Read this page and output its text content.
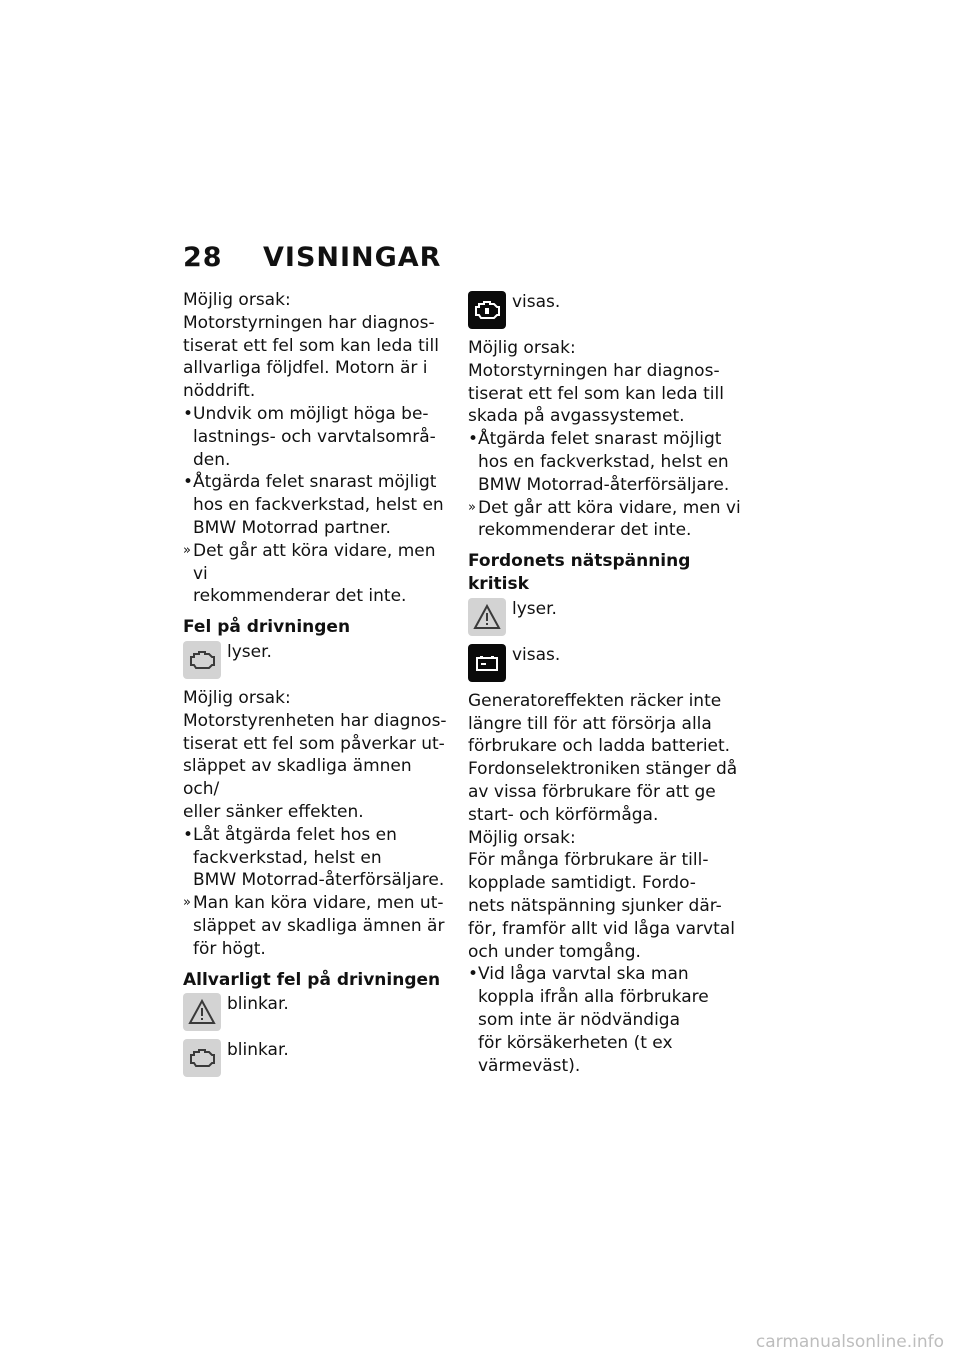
28 VISNINGAR

Möjlig orsak:

Motorstyrningen har diagnos-
tiserat ett fel som kan leda till
allvarliga följdfel. Motorn är i
nöddrift.

• Undvik om möjligt höga be-
lastnings- och varvtalsområ-
den.

• Åtgärda felet snarast möjligt
hos en fackverkstad, helst en
BMW Motorrad partner.

» Det går att köra vidare, men vi
rekommenderar det inte.

Fel på drivningen

lyser.

Möjlig orsak:

Motorstyrenheten har diagnos-
tiserat ett fel som påverkar ut-
släppet av skadliga ämnen och/
eller sänker effekten.

• Låt åtgärda felet hos en
fackverkstad, helst en
BMW Motorrad-återförsäljare.

» Man kan köra vidare, men ut-
släppet av skadliga ämnen är
för högt.

Allvarligt fel på drivningen

blinkar.
blinkar.
visas.

Möjlig orsak:

Motorstyrningen har diagnos-
tiserat ett fel som kan leda till
skada på avgassystemet.

• Åtgärda felet snarast möjligt
hos en fackverkstad, helst en
BMW Motorrad-återförsäljare.

» Det går att köra vidare, men vi
rekommenderar det inte.

Fordonets nätspänning kritisk

lyser.
visas.

Generatoreffekten räcker inte
längre till för att försörja alla
förbrukare och ladda batteriet.
Fordonselektroniken stänger då
av vissa förbrukare för att ge
start- och körförmåga.

Möjlig orsak:

För många förbrukare är till-
kopplade samtidigt. Fordo-
nets nätspänning sjunker där-
för, framför allt vid låga varvtal
och under tomgång.

• Vid låga varvtal ska man
koppla ifrån alla förbrukare
som inte är nödvändiga
för körsäkerheten (t ex
värmeväst).

carmanualsonline.info
